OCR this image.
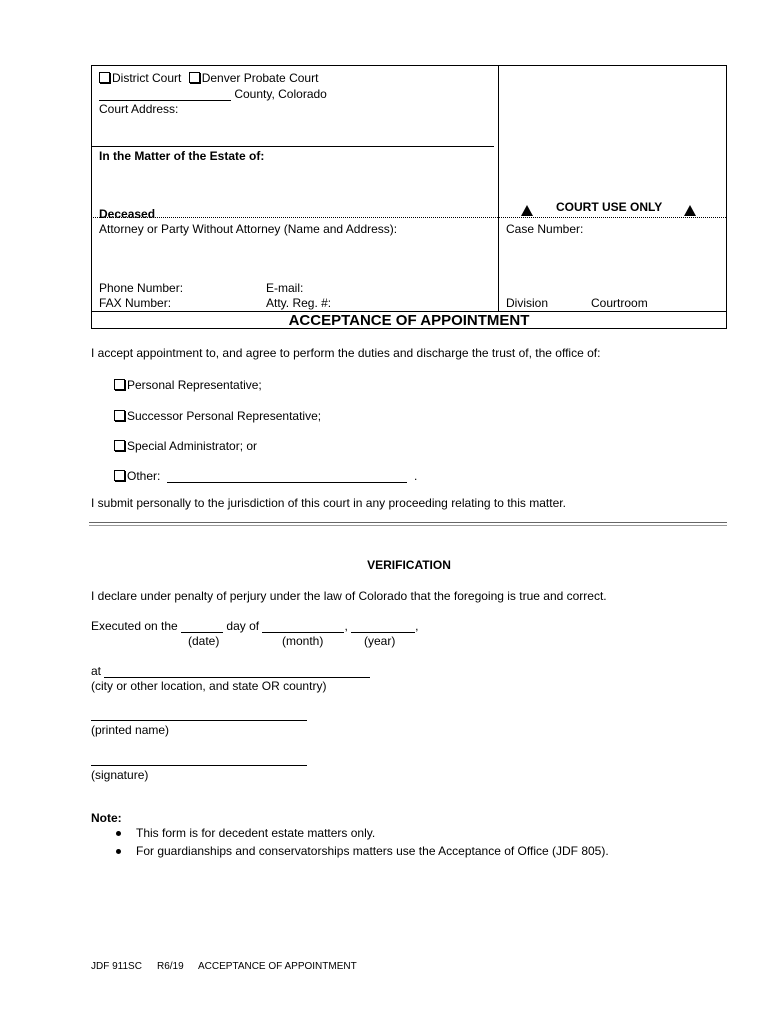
District Court Denver Probate Court
County, Colorado
Court Address:
In the Matter of the Estate of:
Deceased
Attorney or Party Without Attorney (Name and Address):
Phone Number:	E-mail:
FAX Number:	Atty. Reg. #:
COURT USE ONLY
Case Number:
Division	Courtroom
ACCEPTANCE OF APPOINTMENT
I accept appointment to, and agree to perform the duties and discharge the trust of, the office of:
Personal Representative;
Successor Personal Representative;
Special Administrator; or
Other:	.
I submit personally to the jurisdiction of this court in any proceeding relating to this matter.
VERIFICATION
I declare under penalty of perjury under the law of Colorado that the foregoing is true and correct.
Executed on the	day of	,	,
(date)	(month)	(year)
at
(city or other location, and state OR country)
(printed name)
(signature)
Note:
This form is for decedent estate matters only.
For guardianships and conservatorships matters use the Acceptance of Office (JDF 805).
JDF 911SC R6/19 ACCEPTANCE OF APPOINTMENT
